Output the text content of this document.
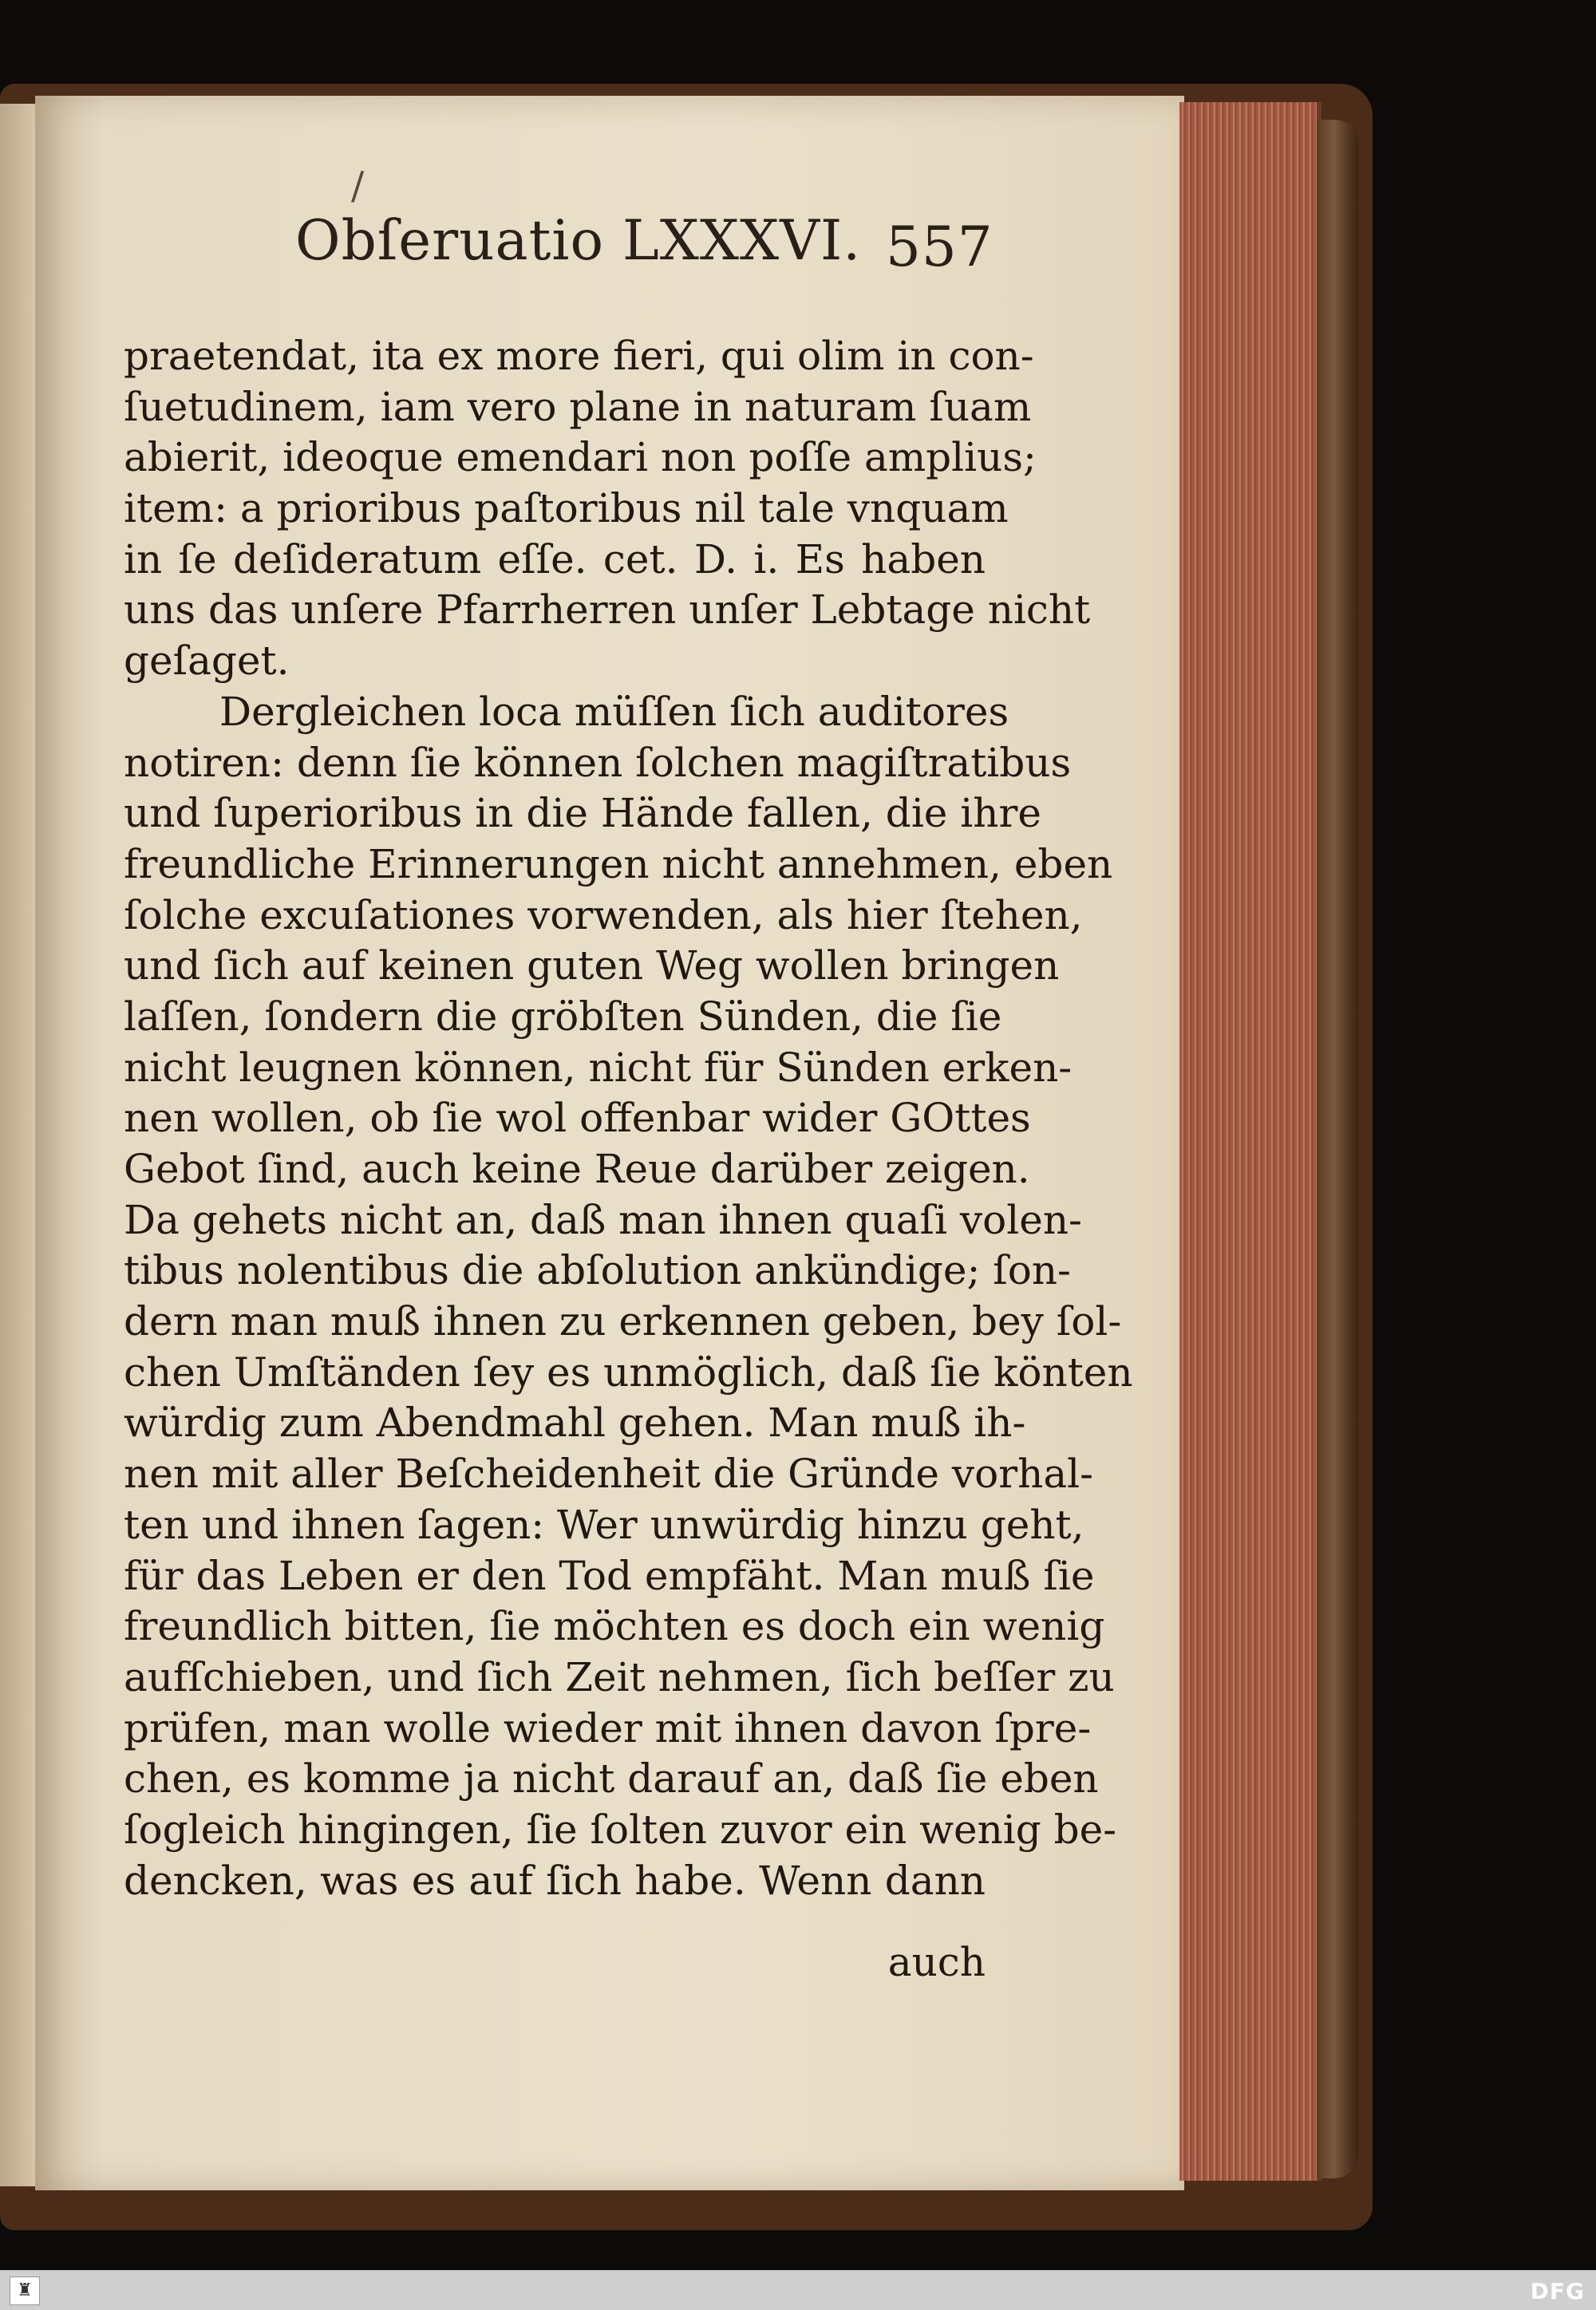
/
Obſeruatio LXXXVI. 557
praetendat, ita ex more fieri, qui olim in con-
ſuetudinem, iam vero plane in naturam ſuam
abierit, ideoque emendari non poſſe amplius;
item: a prioribus paſtoribus nil tale vnquam
in ſe deſideratum eſſe. cet. D. i. Es haben
uns das unſere Pfarrherren unſer Lebtage nicht
geſaget.
Dergleichen loca müſſen ſich auditores
notiren: denn ſie können ſolchen magiſtratibus
und ſuperioribus in die Hände fallen, die ihre
freundliche Erinnerungen nicht annehmen, eben
ſolche excuſationes vorwenden, als hier ſtehen,
und ſich auf keinen guten Weg wollen bringen
laſſen, ſondern die gröbſten Sünden, die ſie
nicht leugnen können, nicht für Sünden erken-
nen wollen, ob ſie wol offenbar wider GOttes
Gebot ſind, auch keine Reue darüber zeigen.
Da gehets nicht an, daß man ihnen quaſi volen-
tibus nolentibus die abſolution ankündige; ſon-
dern man muß ihnen zu erkennen geben, bey ſol-
chen Umſtänden ſey es unmöglich, daß ſie könten
würdig zum Abendmahl gehen. Man muß ih-
nen mit aller Beſcheidenheit die Gründe vorhal-
ten und ihnen ſagen: Wer unwürdig hinzu geht,
für das Leben er den Tod empfäht. Man muß ſie
freundlich bitten, ſie möchten es doch ein wenig
aufſchieben, und ſich Zeit nehmen, ſich beſſer zu
prüfen, man wolle wieder mit ihnen davon ſpre-
chen, es komme ja nicht darauf an, daß ſie eben
ſogleich hingingen, ſie ſolten zuvor ein wenig be-
dencken, was es auf ſich habe. Wenn dann
auch
♜	DFG
